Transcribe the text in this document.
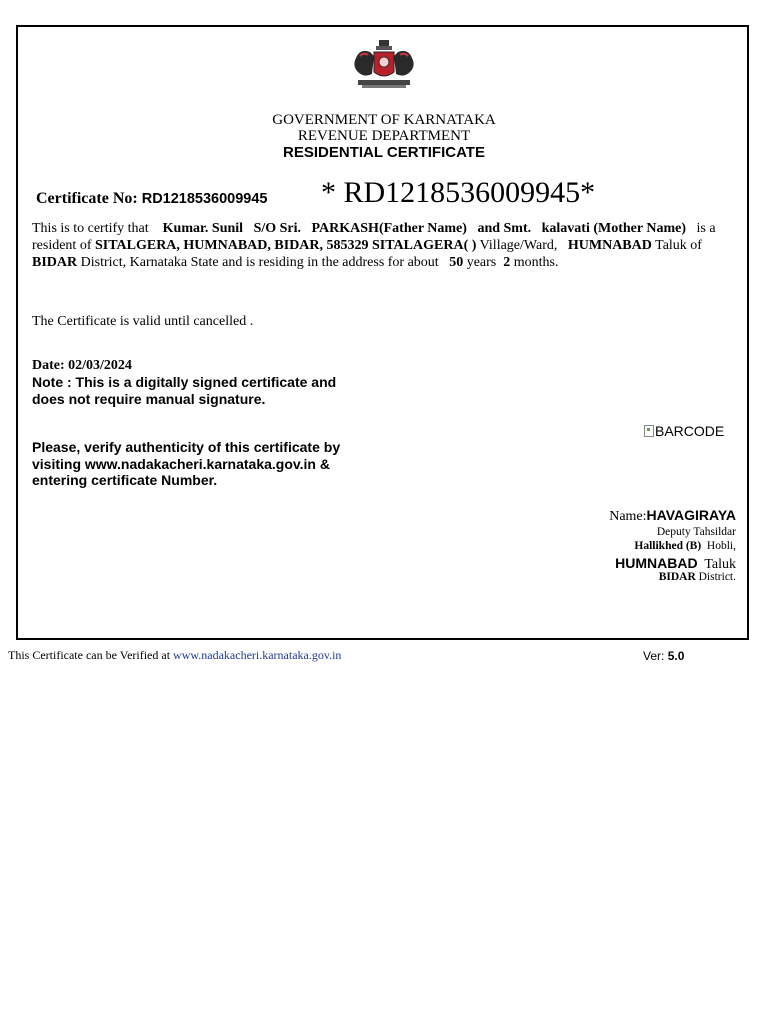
GOVERNMENT OF KARNATAKA
REVENUE DEPARTMENT
RESIDENTIAL CERTIFICATE
Certificate No: RD1218536009945 * RD1218536009945*
This is to certify that Kumar. Sunil S/O Sri. PARKASH(Father Name) and Smt. kalavati (Mother Name) is a resident of SITALGERA, HUMNABAD, BIDAR, 585329 SITALAGERA( ) Village/Ward, HUMNABAD Taluk of   BIDAR District, Karnataka State and is residing in the address for about 50 years 2 months.
The Certificate is valid until cancelled .
Date: 02/03/2024
Note : This is a digitally signed certificate and does not require manual signature.
Please, verify authenticity of this certificate by visiting www.nadakacheri.karnataka.gov.in & entering certificate Number.
BARCODE
Name:HAVAGIRAYA
Deputy Tahsildar
Hallikhed (B) Hobli,
HUMNABAD Taluk
BIDAR District.
This Certificate can be Verified at www.nadakacheri.karnataka.gov.in	Ver: 5.0
